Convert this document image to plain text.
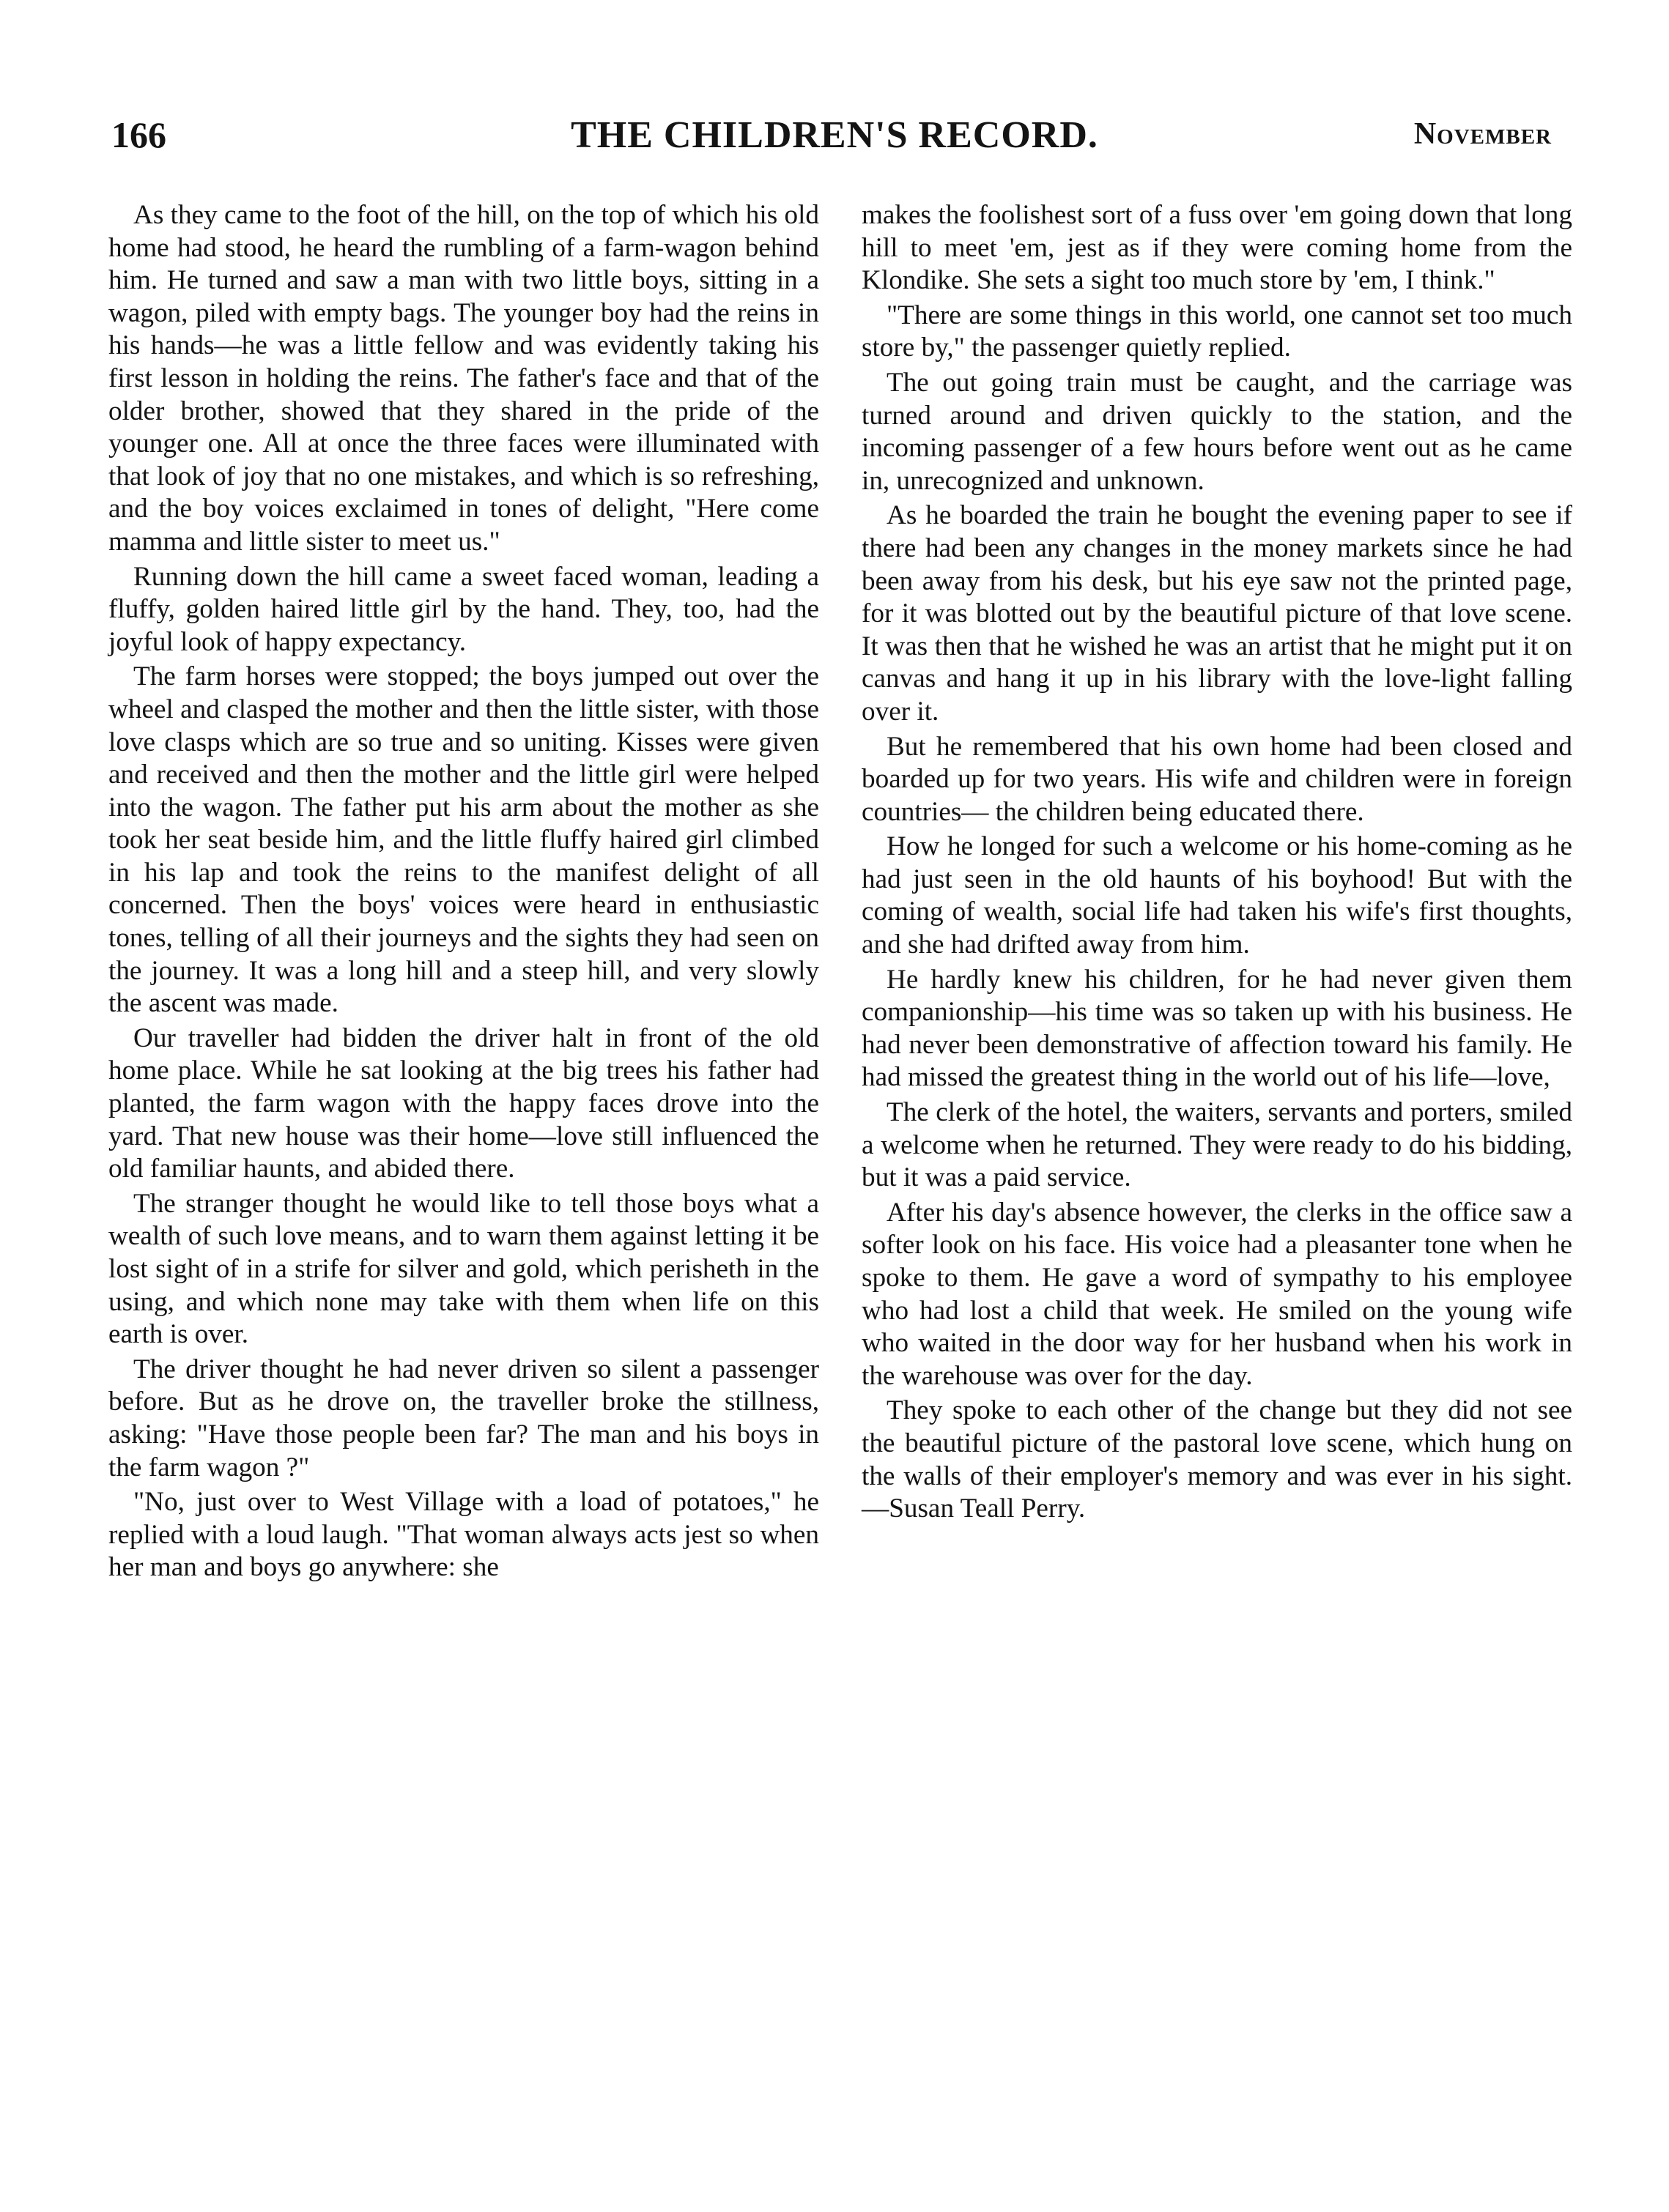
166	THE CHILDREN'S RECORD.	November

As they came to the foot of the hill, on the top of which his old home had stood, he heard the rumbling of a farm-wagon behind him. He turned and saw a man with two little boys, sitting in a wagon, piled with empty bags. The younger boy had the reins in his hands—he was a little fellow and was evidently taking his first lesson in holding the reins. The father's face and that of the older brother, showed that they shared in the pride of the younger one. All at once the three faces were illuminated with that look of joy that no one mistakes, and which is so refreshing, and the boy voices exclaimed in tones of delight, "Here come mamma and little sister to meet us."

Running down the hill came a sweet faced woman, leading a fluffy, golden haired little girl by the hand. They, too, had the joyful look of happy expectancy.

The farm horses were stopped; the boys jumped out over the wheel and clasped the mother and then the little sister, with those love clasps which are so true and so uniting. Kisses were given and received and then the mother and the little girl were helped into the wagon. The father put his arm about the mother as she took her seat beside him, and the little fluffy haired girl climbed in his lap and took the reins to the manifest delight of all concerned. Then the boys' voices were heard in enthusiastic tones, telling of all their journeys and the sights they had seen on the journey. It was a long hill and a steep hill, and very slowly the ascent was made.

Our traveller had bidden the driver halt in front of the old home place. While he sat looking at the big trees his father had planted, the farm wagon with the happy faces drove into the yard. That new house was their home—love still influenced the old familiar haunts, and abided there.

The stranger thought he would like to tell those boys what a wealth of such love means, and to warn them against letting it be lost sight of in a strife for silver and gold, which perisheth in the using, and which none may take with them when life on this earth is over.

The driver thought he had never driven so silent a passenger before. But as he drove on, the traveller broke the stillness, asking: "Have those people been far? The man and his boys in the farm wagon ?"

"No, just over to West Village with a load of potatoes," he replied with a loud laugh. "That woman always acts jest so when her man and boys go anywhere: she

makes the foolishest sort of a fuss over 'em going down that long hill to meet 'em, jest as if they were coming home from the Klondike. She sets a sight too much store by 'em, I think."

"There are some things in this world, one cannot set too much store by," the passenger quietly replied.

The out going train must be caught, and the carriage was turned around and driven quickly to the station, and the incoming passenger of a few hours before went out as he came in, unrecognized and unknown.

As he boarded the train he bought the evening paper to see if there had been any changes in the money markets since he had been away from his desk, but his eye saw not the printed page, for it was blotted out by the beautiful picture of that love scene. It was then that he wished he was an artist that he might put it on canvas and hang it up in his library with the love-light falling over it.

But he remembered that his own home had been closed and boarded up for two years. His wife and children were in foreign countries— the children being educated there.

How he longed for such a welcome or his home-coming as he had just seen in the old haunts of his boyhood! But with the coming of wealth, social life had taken his wife's first thoughts, and she had drifted away from him.

He hardly knew his children, for he had never given them companionship—his time was so taken up with his business. He had never been demonstrative of affection toward his family. He had missed the greatest thing in the world out of his life—love,

The clerk of the hotel, the waiters, servants and porters, smiled a welcome when he returned. They were ready to do his bidding, but it was a paid service.

After his day's absence however, the clerks in the office saw a softer look on his face. His voice had a pleasanter tone when he spoke to them. He gave a word of sympathy to his employee who had lost a child that week. He smiled on the young wife who waited in the door way for her husband when his work in the warehouse was over for the day.

They spoke to each other of the change but they did not see the beautiful picture of the pastoral love scene, which hung on the walls of their employer's memory and was ever in his sight.—Susan Teall Perry.
